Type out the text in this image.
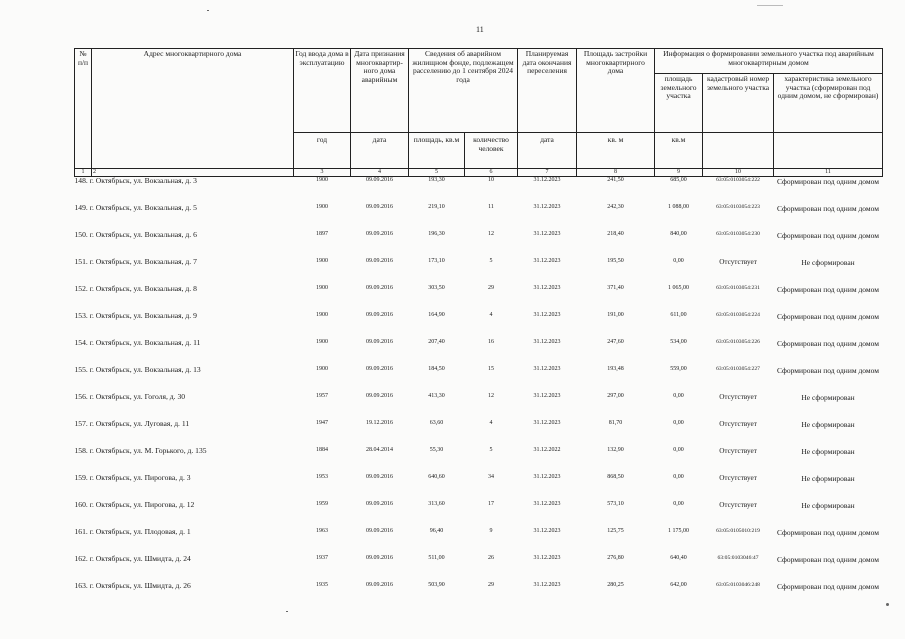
11
№ п/п	Адрес многоквартирного дома	Год ввода дома в эксплуатацию	Дата признания многоквартир-ного дома аварийным	Сведения об аварийном жилищном фонде, подлежащем расселению до 1 сентября 2024 года		Планируемая дата окончания переселения	Площадь застройки многоквартирного дома	Информация о формировании земельного участка под аварийным многоквартирным домом		
								площадь земельного участка	кадастровый номер земельного участка	характеристика земельного участка (сформирован под одним домом, не сформирован)
		год	дата	площадь, кв.м	количество человек	дата	кв. м	кв.м		
1	2	3	4	5	6	7	8	9	10	11
148. г. Октябрьск, ул. Вокзальная, д. 3		1900	09.09.2016	193,30	10	31.12.2023	241,50	685,00	63:05:0103054:222	Сформирован под одним домом
149. г. Октябрьск, ул. Вокзальная, д. 5		1900	09.09.2016	219,10	11	31.12.2023	242,30	1 088,00	63:05:0103054:223	Сформирован под одним домом
150. г. Октябрьск, ул. Вокзальная, д. 6		1897	09.09.2016	196,30	12	31.12.2023	218,40	840,00	63:05:0103054:230	Сформирован под одним домом
151. г. Октябрьск, ул. Вокзальная, д. 7		1900	09.09.2016	173,10	5	31.12.2023	195,50	0,00	Отсутствует	Не сформирован
152. г. Октябрьск, ул. Вокзальная, д. 8		1900	09.09.2016	303,50	29	31.12.2023	371,40	1 065,00	63:05:0103054:231	Сформирован под одним домом
153. г. Октябрьск, ул. Вокзальная, д. 9		1900	09.09.2016	164,90	4	31.12.2023	191,00	611,00	63:05:0103054:224	Сформирован под одним домом
154. г. Октябрьск, ул. Вокзальная, д. 11		1900	09.09.2016	207,40	16	31.12.2023	247,60	534,00	63:05:0103054:226	Сформирован под одним домом
155. г. Октябрьск, ул. Вокзальная, д. 13		1900	09.09.2016	184,50	15	31.12.2023	193,48	559,00	63:05:0103054:227	Сформирован под одним домом
156. г. Октябрьск, ул. Гоголя, д. 30		1957	09.09.2016	413,30	12	31.12.2023	297,00	0,00	Отсутствует	Не сформирован
157. г. Октябрьск, ул. Луговая, д. 11		1947	19.12.2016	63,60	4	31.12.2023	81,70	0,00	Отсутствует	Не сформирован
158. г. Октябрьск, ул. М. Горького, д. 135		1884	28.04.2014	55,30	5	31.12.2022	132,90	0,00	Отсутствует	Не сформирован
159. г. Октябрьск, ул. Пирогова, д. 3		1953	09.09.2016	640,60	34	31.12.2023	868,50	0,00	Отсутствует	Не сформирован
160. г. Октябрьск, ул. Пирогова, д. 12		1959	09.09.2016	313,60	17	31.12.2023	573,10	0,00	Отсутствует	Не сформирован
161. г. Октябрьск, ул. Плодовая, д. 1		1963	09.09.2016	96,40	9	31.12.2023	125,75	1 175,00	63:05:0105010:219	Сформирован под одним домом
162. г. Октябрьск, ул. Шмидта, д. 24		1937	09.09.2016	511,00	26	31.12.2023	276,80	640,40	63:05:0103046:47	Сформирован под одним домом
163. г. Октябрьск, ул. Шмидта, д. 26		1935	09.09.2016	503,90	29	31.12.2023	280,25	642,00	63:05:0103046:248	Сформирован под одним домом
